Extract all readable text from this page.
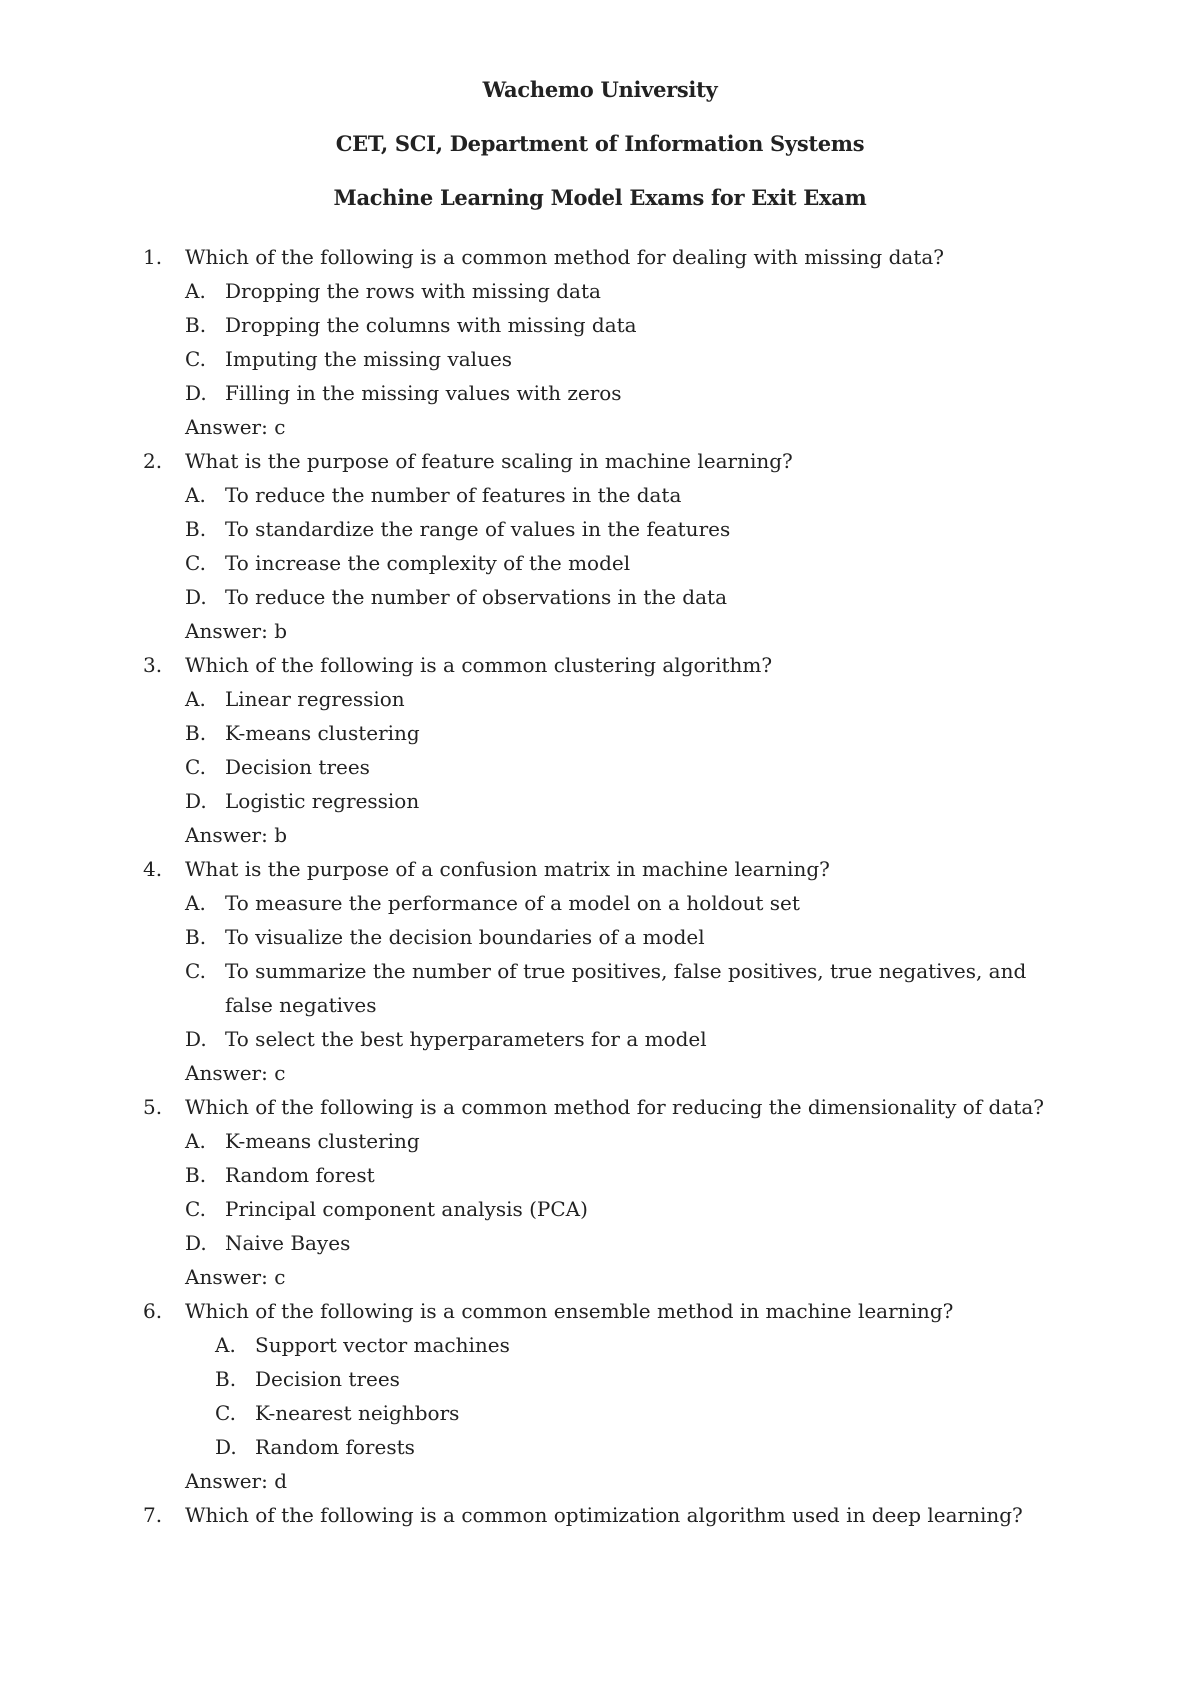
Wachemo University
CET, SCI, Department of Information Systems
Machine Learning Model Exams for Exit Exam
1. Which of the following is a common method for dealing with missing data?
A. Dropping the rows with missing data
B. Dropping the columns with missing data
C. Imputing the missing values
D. Filling in the missing values with zeros
Answer: c
2. What is the purpose of feature scaling in machine learning?
A. To reduce the number of features in the data
B. To standardize the range of values in the features
C. To increase the complexity of the model
D. To reduce the number of observations in the data
Answer: b
3. Which of the following is a common clustering algorithm?
A. Linear regression
B. K-means clustering
C. Decision trees
D. Logistic regression
Answer: b
4. What is the purpose of a confusion matrix in machine learning?
A. To measure the performance of a model on a holdout set
B. To visualize the decision boundaries of a model
C. To summarize the number of true positives, false positives, true negatives, and false negatives
D. To select the best hyperparameters for a model
Answer: c
5. Which of the following is a common method for reducing the dimensionality of data?
A. K-means clustering
B. Random forest
C. Principal component analysis (PCA)
D. Naive Bayes
Answer: c
6. Which of the following is a common ensemble method in machine learning?
A. Support vector machines
B. Decision trees
C. K-nearest neighbors
D. Random forests
Answer: d
7. Which of the following is a common optimization algorithm used in deep learning?
